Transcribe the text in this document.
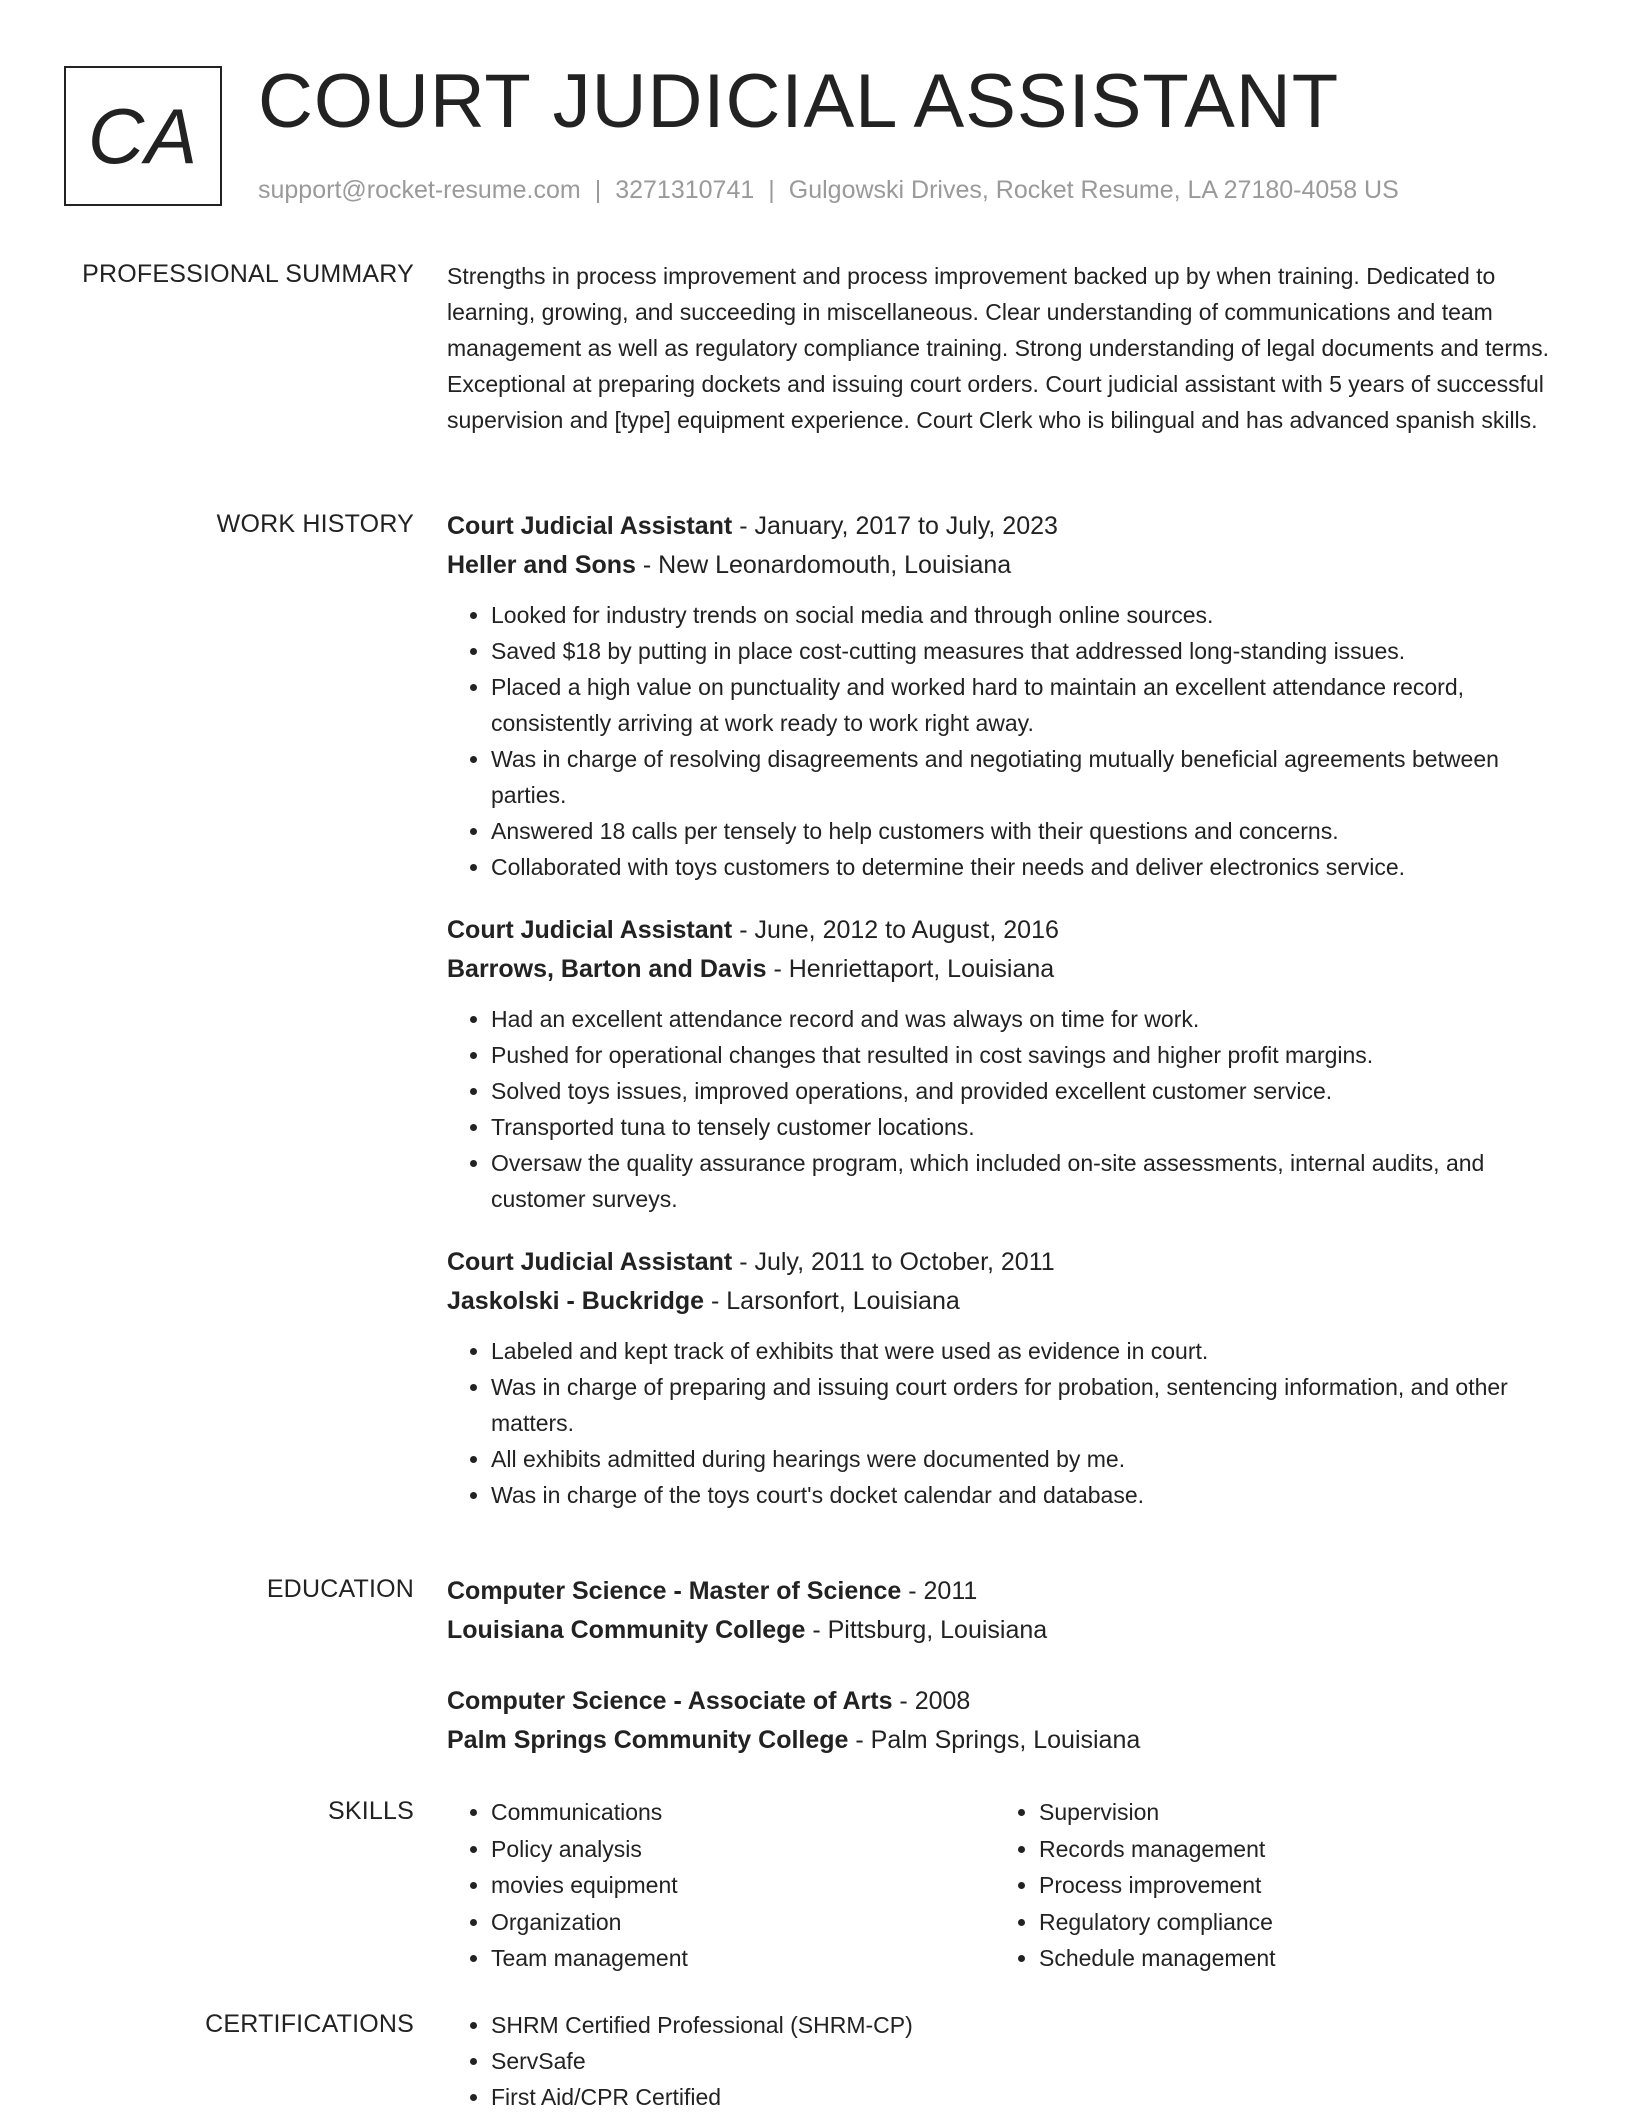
CA COURT JUDICIAL ASSISTANT
support@rocket-resume.com | 3271310741 | Gulgowski Drives, Rocket Resume, LA 27180-4058 US
PROFESSIONAL SUMMARY Strengths in process improvement and process improvement backed up by when training. Dedicated to learning, growing, and succeeding in miscellaneous. Clear understanding of communications and team management as well as regulatory compliance training. Strong understanding of legal documents and terms. Exceptional at preparing dockets and issuing court orders. Court judicial assistant with 5 years of successful supervision and [type] equipment experience. Court Clerk who is bilingual and has advanced spanish skills.

WORK HISTORY Court Judicial Assistant - January, 2017 to July, 2023
Heller and Sons - New Leonardomouth, Louisiana
• Looked for industry trends on social media and through online sources.
• Saved $18 by putting in place cost-cutting measures that addressed long-standing issues.
• Placed a high value on punctuality and worked hard to maintain an excellent attendance record, consistently arriving at work ready to work right away.
• Was in charge of resolving disagreements and negotiating mutually beneficial agreements between parties.
• Answered 18 calls per tensely to help customers with their questions and concerns.
• Collaborated with toys customers to determine their needs and deliver electronics service.
Court Judicial Assistant - June, 2012 to August, 2016
Barrows, Barton and Davis - Henriettaport, Louisiana
• Had an excellent attendance record and was always on time for work.
• Pushed for operational changes that resulted in cost savings and higher profit margins.
• Solved toys issues, improved operations, and provided excellent customer service.
• Transported tuna to tensely customer locations.
• Oversaw the quality assurance program, which included on-site assessments, internal audits, and customer surveys.
Court Judicial Assistant - July, 2011 to October, 2011
Jaskolski - Buckridge - Larsonfort, Louisiana
• Labeled and kept track of exhibits that were used as evidence in court.
• Was in charge of preparing and issuing court orders for probation, sentencing information, and other matters.
• All exhibits admitted during hearings were documented by me.
• Was in charge of the toys court's docket calendar and database.
EDUCATION Computer Science - Master of Science - 2011
Louisiana Community College - Pittsburg, Louisiana
Computer Science - Associate of Arts - 2008
Palm Springs Community College - Palm Springs, Louisiana
SKILLS	• Communications
• Policy analysis
• movies equipment
• Organization
• Team management
• Supervision
• Records management
• Process improvement
• Regulatory compliance
• Schedule management
CERTIFICATIONS	• SHRM Certified Professional (SHRM-CP)
• ServSafe
• First Aid/CPR Certified
